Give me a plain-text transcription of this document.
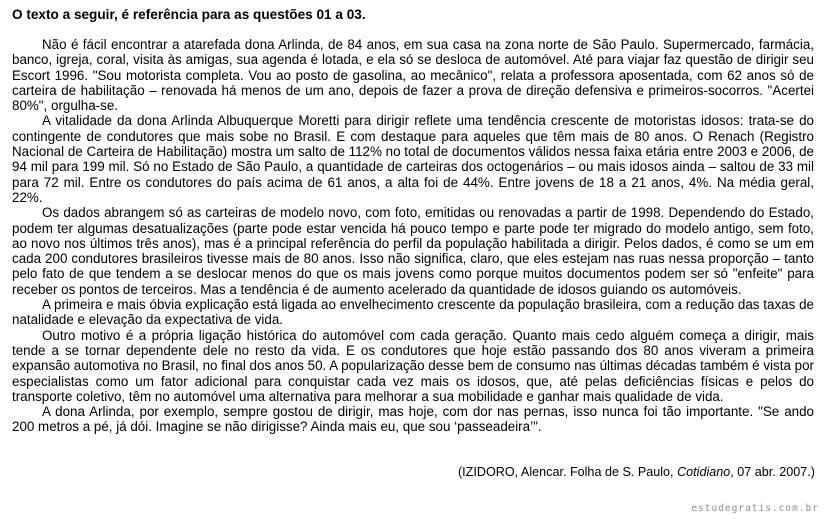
O texto a seguir, é referência para as questões 01 a 03.

Não é fácil encontrar a atarefada dona Arlinda, de 84 anos, em sua casa na zona norte de São Paulo. Supermercado, farmácia, banco, igreja, coral, visita às amigas, sua agenda é lotada, e ela só se desloca de automóvel. Até para viajar faz questão de dirigir seu Escort 1996. "Sou motorista completa. Vou ao posto de gasolina, ao mecânico", relata a professora aposentada, com 62 anos só de carteira de habilitação – renovada há menos de um ano, depois de fazer a prova de direção defensiva e primeiros-socorros. "Acertei 80%", orgulha-se.

A vitalidade da dona Arlinda Albuquerque Moretti para dirigir reflete uma tendência crescente de motoristas idosos: trata-se do contingente de condutores que mais sobe no Brasil. E com destaque para aqueles que têm mais de 80 anos. O Renach (Registro Nacional de Carteira de Habilitação) mostra um salto de 112% no total de documentos válidos nessa faixa etária entre 2003 e 2006, de 94 mil para 199 mil. Só no Estado de São Paulo, a quantidade de carteiras dos octogenários – ou mais idosos ainda – saltou de 33 mil para 72 mil. Entre os condutores do país acima de 61 anos, a alta foi de 44%. Entre jovens de 18 a 21 anos, 4%. Na média geral, 22%.

Os dados abrangem só as carteiras de modelo novo, com foto, emitidas ou renovadas a partir de 1998. Dependendo do Estado, podem ter algumas desatualizações (parte pode estar vencida há pouco tempo e parte pode ter migrado do modelo antigo, sem foto, ao novo nos últimos três anos), mas é a principal referência do perfil da população habilitada a dirigir. Pelos dados, é como se um em cada 200 condutores brasileiros tivesse mais de 80 anos. Isso não significa, claro, que eles estejam nas ruas nessa proporção – tanto pelo fato de que tendem a se deslocar menos do que os mais jovens como porque muitos documentos podem ser só "enfeite" para receber os pontos de terceiros. Mas a tendência é de aumento acelerado da quantidade de idosos guiando os automóveis.

A primeira e mais óbvia explicação está ligada ao envelhecimento crescente da população brasileira, com a redução das taxas de natalidade e elevação da expectativa de vida.

Outro motivo é a própria ligação histórica do automóvel com cada geração. Quanto mais cedo alguém começa a dirigir, mais tende a se tornar dependente dele no resto da vida. E os condutores que hoje estão passando dos 80 anos viveram a primeira expansão automotiva no Brasil, no final dos anos 50. A popularização desse bem de consumo nas últimas décadas também é vista por especialistas como um fator adicional para conquistar cada vez mais os idosos, que, até pelas deficiências físicas e pelos do transporte coletivo, têm no automóvel uma alternativa para melhorar a sua mobilidade e ganhar mais qualidade de vida.

A dona Arlinda, por exemplo, sempre gostou de dirigir, mas hoje, com dor nas pernas, isso nunca foi tão importante. "Se ando 200 metros a pé, já dói. Imagine se não dirigisse? Ainda mais eu, que sou ‘passeadeira’".

(IZIDORO, Alencar. Folha de S. Paulo, Cotidiano, 07 abr. 2007.)
estudegratis.com.br
